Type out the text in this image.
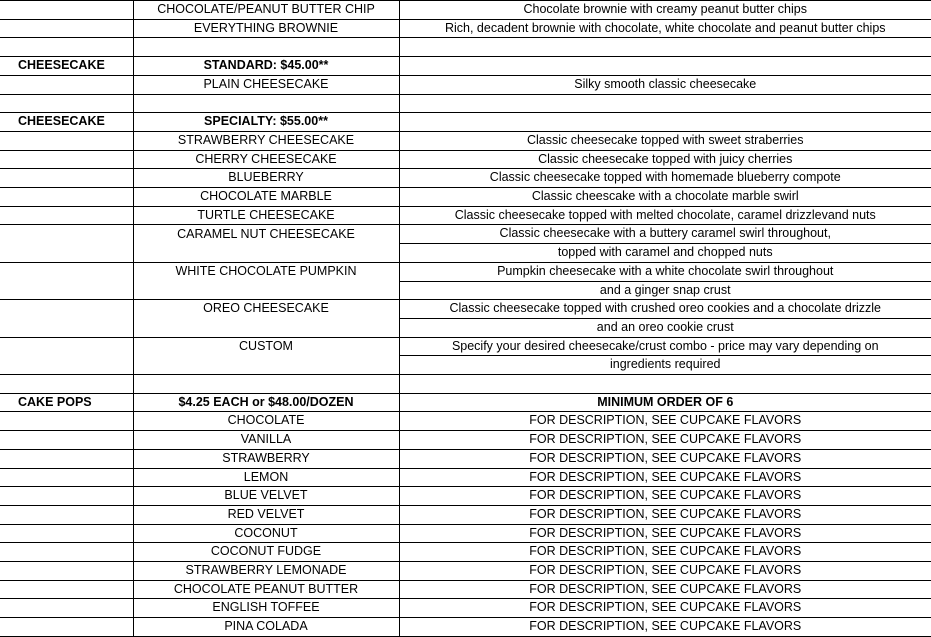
	CHOCOLATE/PEANUT BUTTER CHIP	Chocolate brownie with creamy peanut butter chips
	EVERYTHING BROWNIE	Rich, decadent brownie with chocolate, white chocolate and peanut butter chips

CHEESECAKE	STANDARD: $45.00**	
	PLAIN CHEESECAKE	Silky smooth classic cheesecake

CHEESECAKE	SPECIALTY: $55.00**	
	STRAWBERRY CHEESECAKE	Classic cheesecake topped with sweet straberries
	CHERRY CHEESECAKE	Classic cheesecake topped with juicy cherries
	BLUEBERRY	Classic cheesecake topped with homemade blueberry compote
	CHOCOLATE MARBLE	Classic cheescake with a chocolate marble swirl
	TURTLE CHEESECAKE	Classic cheesecake topped with melted chocolate, caramel drizzlevand nuts
	CARAMEL NUT CHEESECAKE	Classic cheesecake with a buttery caramel swirl throughout,
		topped with caramel and chopped nuts
	WHITE CHOCOLATE PUMPKIN	Pumpkin cheesecake with a white chocolate swirl throughout
		and a ginger snap crust
	OREO CHEESECAKE	Classic cheesecake topped with crushed oreo cookies and a chocolate drizzle
		and an oreo cookie crust
	CUSTOM	Specify your desired cheesecake/crust combo - price may vary depending on
		ingredients required

CAKE POPS	$4.25 EACH or $48.00/DOZEN	MINIMUM ORDER OF 6
	CHOCOLATE	FOR DESCRIPTION, SEE CUPCAKE FLAVORS
	VANILLA	FOR DESCRIPTION, SEE CUPCAKE FLAVORS
	STRAWBERRY	FOR DESCRIPTION, SEE CUPCAKE FLAVORS
	LEMON	FOR DESCRIPTION, SEE CUPCAKE FLAVORS
	BLUE VELVET	FOR DESCRIPTION, SEE CUPCAKE FLAVORS
	RED VELVET	FOR DESCRIPTION, SEE CUPCAKE FLAVORS
	COCONUT	FOR DESCRIPTION, SEE CUPCAKE FLAVORS
	COCONUT FUDGE	FOR DESCRIPTION, SEE CUPCAKE FLAVORS
	STRAWBERRY LEMONADE	FOR DESCRIPTION, SEE CUPCAKE FLAVORS
	CHOCOLATE PEANUT BUTTER	FOR DESCRIPTION, SEE CUPCAKE FLAVORS
	ENGLISH TOFFEE	FOR DESCRIPTION, SEE CUPCAKE FLAVORS
	PINA COLADA	FOR DESCRIPTION, SEE CUPCAKE FLAVORS
